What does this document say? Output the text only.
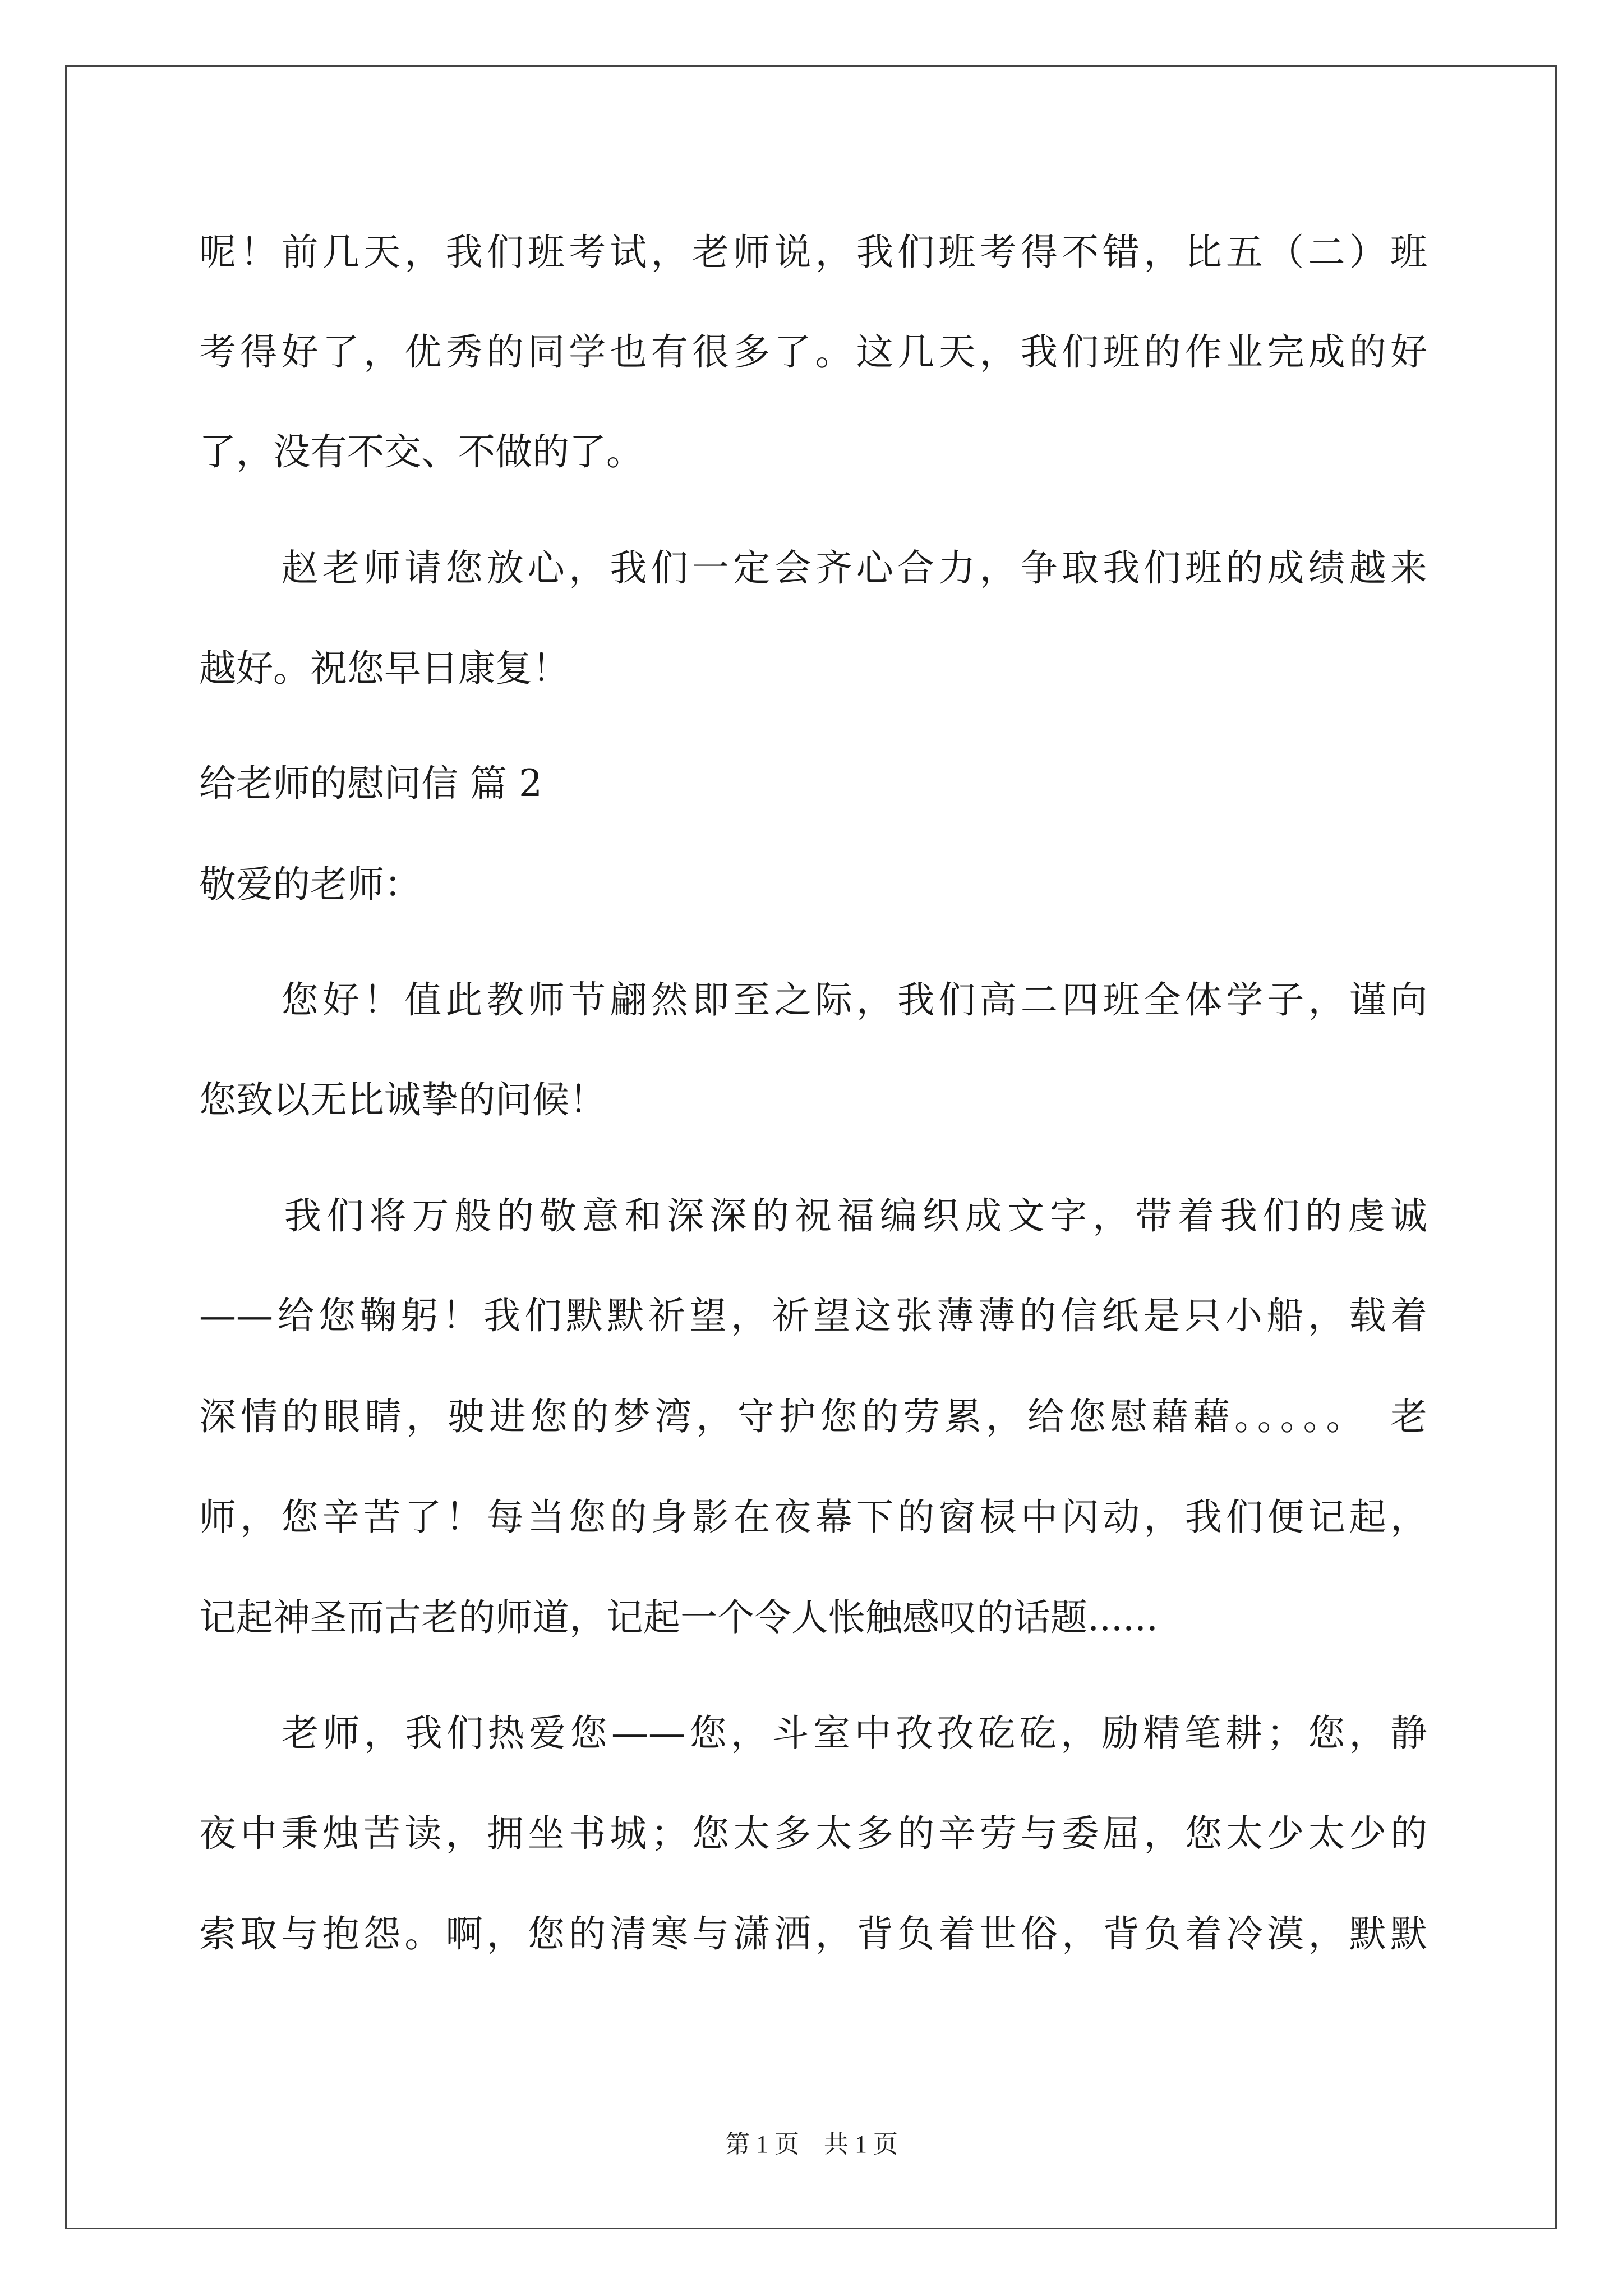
呢！前几天，我们班考试，老师说，我们班考得不错，比五（二）班
考得好了，优秀的同学也有很多了。这几天，我们班的作业完成的好
了，没有不交、不做的了。
　　赵老师请您放心，我们一定会齐心合力，争取我们班的成绩越来
越好。祝您早日康复！
给老师的慰问信 篇 2
敬爱的老师：
　　您好！值此教师节翩然即至之际，我们高二四班全体学子，谨向
您致以无比诚挚的问候！
　　我们将万般的敬意和深深的祝福编织成文字，带着我们的虔诚
——给您鞠躬！我们默默祈望，祈望这张薄薄的信纸是只小船，载着
深情的眼睛，驶进您的梦湾，守护您的劳累，给您慰藉藉。。。。。　老
师，您辛苦了！每当您的身影在夜幕下的窗棂中闪动，我们便记起，
记起神圣而古老的师道，记起一个令人怅触感叹的话题......
　　老师，我们热爱您——您，斗室中孜孜矻矻，励精笔耕；您，静
夜中秉烛苦读，拥坐书城；您太多太多的辛劳与委屈，您太少太少的
索取与抱怨。啊，您的清寒与潇洒，背负着世俗，背负着冷漠，默默
第 1 页　共 1 页
